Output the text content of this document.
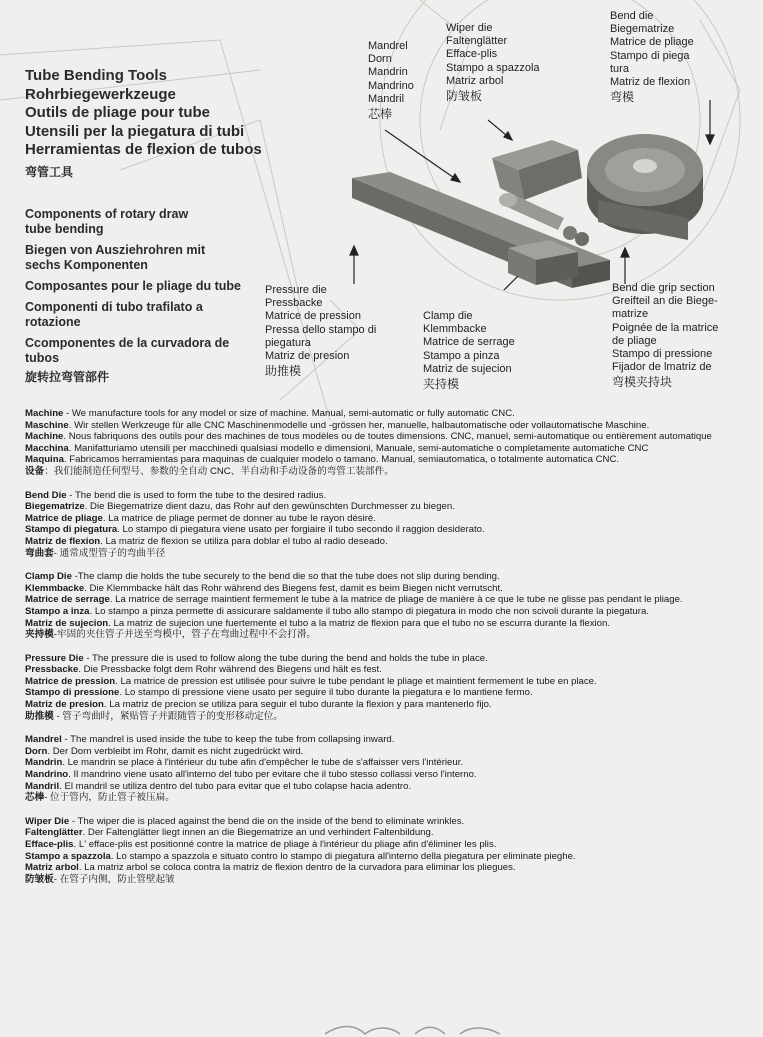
Tube Bending Tools
Rohrbiegewerkzeuge
Outils de pliage pour tube
Utensili per la piegatura di tubi
Herramientas de flexion de tubos
弯管工具
Components of rotary draw tube bending
Biegen von Ausziehrohren mit sechs Komponenten
Composantes pour le pliage du tube
Componenti di tubo trafilato a rotazione
Ccomponentes de la curvadora de tubos
旋转拉弯管部件
Mandrel
Dorn
Mandrin
Mandrino
Mandril
芯棒
Wiper die
Faltenglätter
Efface-plis
Stampo a spazzola
Matriz arbol
防皱板
Bend die
Biegematrize
Matrice de pliage
Stampo di piega
tura
Matriz de flexion
弯模
Pressure die
Pressbacke
Matrice de pression
Pressa dello stampo di
piegatura
Matriz de presion
助推模
Clamp die
Klemmbacke
Matrice de serrage
Stampo a pinza
Matriz de sujecion
夹持模
Bend die grip section
Greifteil an die Biege-
matrize
Poignée de la matrice
de pliage
Stampo di pressione
Fijador de lmatriz de
弯模夹持块
Machine - We manufacture tools for any model or size of machine. Manual, semi-automatic or fully automatic CNC.
Maschine. Wir stellen Werkzeuge für alle CNC Maschinenmodelle und -grössen her, manuelle, halbautomatische oder vollautomatische Maschine.
Machine. Nous fabriquons des outils pour des machines de tous modèles ou de toutes dimensions. CNC, manuel, semi-automatique ou entièrement automatique
Macchina. Manifatturiamo utensili per macchinedi qualsiasi modello e dimensioni, Manuale, semi-automatiche o completamente automatiche CNC
Maquina. Fabricamos herramientas para maquinas de cualquier modelo o tamano. Manual, semiautomatica, o totalmente automatica CNC.
设备：我们能制造任何型号、参数的全自动 CNC、半自动和手动设备的弯管工装部件。
Bend Die - The bend die is used to form the tube to the desired radius.
Biegematrize. Die Biegematrize dient dazu, das Rohr auf den gewünschten Durchmesser zu biegen.
Matrice de pliage. La matrice de pliage permet de donner au tube le rayon désiré.
Stampo di piegatura. Lo stampo di piegatura viene usato per forgiaire il tubo secondo il raggion desiderato.
Matriz de flexion. La matriz de flexion se utiliza para doblar el tubo al radio deseado.
弯曲套- 通常成型管子的弯曲半径
Clamp Die -The clamp die holds the tube securely to the bend die so that the tube does not slip during bending.
Klemmbacke. Die Klemmbacke hält das Rohr während des Biegens fest, damit es beim Biegen nicht verrutscht.
Matrice de serrage. La matrice de serrage maintient fermement le tube à la matrice de pliage de manière à ce que le tube ne glisse pas pendant le pliage.
Stampo a inza. Lo stampo a pinza permette di assicurare saldamente il tubo allo stampo di piegatura in modo che non scivoli durante la piegatura.
Matriz de sujecion. La matriz de sujecion une fuertemente el tubo a la matriz de flexion para que el tubo no se escurra durante la flexion.
夹持模-牢固的夹住管子并送至弯模中，管子在弯曲过程中不会打滑。
Pressure Die - The pressure die is used to follow along the tube during the bend and holds the tube in place.
Pressbacke. Die Pressbacke folgt dem Rohr während des Biegens und hält es fest.
Matrice de pression. La matrice de pression est utilisée pour suivre le tube pendant le pliage et maintient fermement le tube en place.
Stampo di pressione. Lo stampo di pressione viene usato per seguire il tubo durante la piegatura e lo mantiene fermo.
Matriz de presion. La matriz de precion se utiliza para seguir el tubo durante la flexion y para mantenerlo fijo.
助推模 - 管子弯曲时，紧贴管子并跟随管子的变形移动定位。
Mandrel - The mandrel is used inside the tube to keep the tube from collapsing inward.
Dorn. Der Dorn verbleibt im Rohr, damit es nicht zugedrückt wird.
Mandrin. Le mandrin se place à l'intérieur du tube afin d'empêcher le tube de s'affaisser vers l'intérieur.
Mandrino. Il mandrino viene usato all'interno del tubo per evitare che il tubo stesso collassi verso l'interno.
Mandril. El mandril se utiliza dentro del tubo para evitar que el tubo colapse hacia adentro.
芯棒- 位于管内，防止管子被压扁。
Wiper Die - The wiper die is placed against the bend die on the inside of the bend to eliminate wrinkles.
Faltenglätter. Der Faltenglätter liegt innen an die Biegematrize an und verhindert Faltenbildung.
Efface-plis. L' efface-plis est positionné contre la matrice de pliage à l'intérieur du pliage afin d'éliminer les plis.
Stampo a spazzola. Lo stampo a spazzola e situato contro lo stampo di piegatura all'interno della piegatura per eliminate pieghe.
Matriz arbol. La matriz arbol se coloca contra la matriz de flexion dentro de la curvadora para eliminar los pliegues.
防皱板- 在管子内侧，防止管壁起皱
